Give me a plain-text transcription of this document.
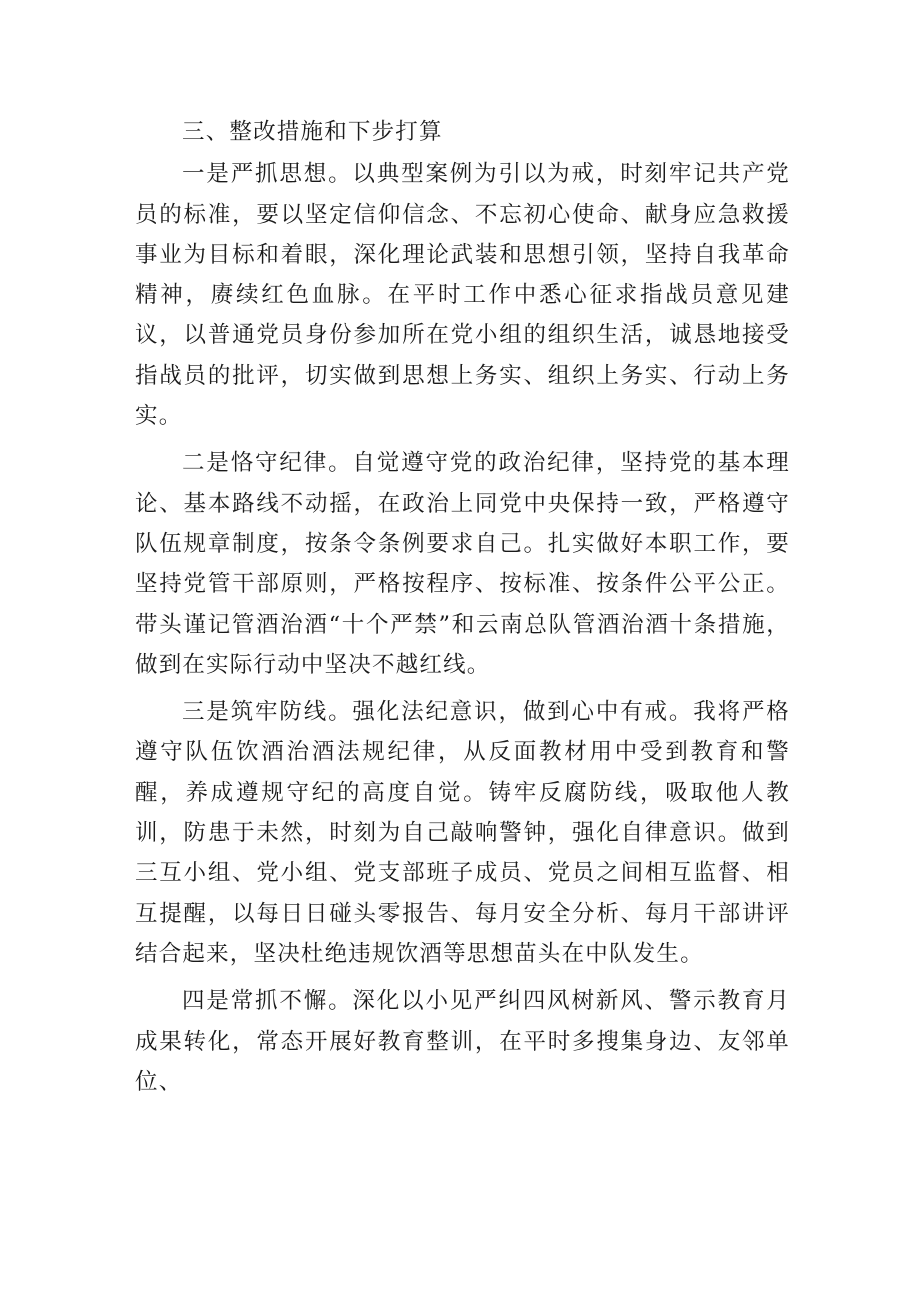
三、整改措施和下步打算

一是严抓思想。以典型案例为引以为戒，时刻牢记共产党员的标准，要以坚定信仰信念、不忘初心使命、献身应急救援事业为目标和着眼，深化理论武装和思想引领，坚持自我革命精神，赓续红色血脉。在平时工作中悉心征求指战员意见建议，以普通党员身份参加所在党小组的组织生活，诚恳地接受指战员的批评，切实做到思想上务实、组织上务实、行动上务实。

二是恪守纪律。自觉遵守党的政治纪律，坚持党的基本理论、基本路线不动摇，在政治上同党中央保持一致，严格遵守队伍规章制度，按条令条例要求自己。扎实做好本职工作，要坚持党管干部原则，严格按程序、按标准、按条件公平公正。带头谨记管酒治酒“十个严禁”和云南总队管酒治酒十条措施，做到在实际行动中坚决不越红线。

三是筑牢防线。强化法纪意识，做到心中有戒。我将严格遵守队伍饮酒治酒法规纪律，从反面教材用中受到教育和警醒，养成遵规守纪的高度自觉。铸牢反腐防线，吸取他人教训，防患于未然，时刻为自己敲响警钟，强化自律意识。做到三互小组、党小组、党支部班子成员、党员之间相互监督、相互提醒，以每日日碰头零报告、每月安全分析、每月干部讲评结合起来，坚决杜绝违规饮酒等思想苗头在中队发生。

四是常抓不懈。深化以小见严纠四风树新风、警示教育月成果转化，常态开展好教育整训，在平时多搜集身边、友邻单位、
